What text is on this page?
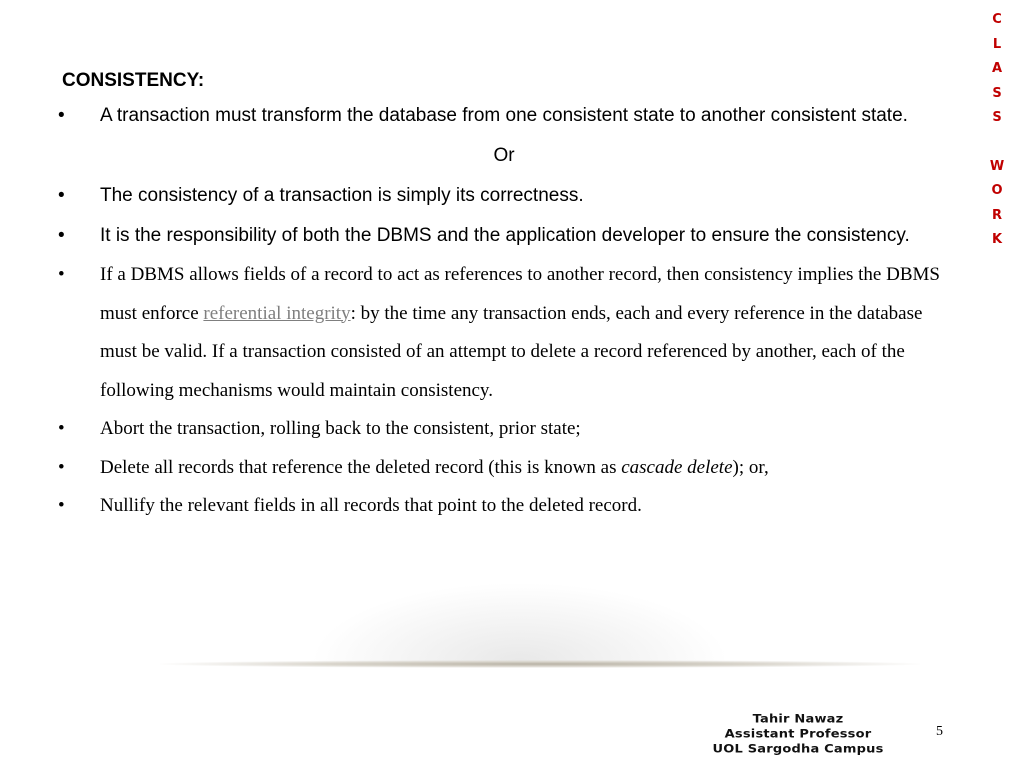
C
L
A
S
S
W
O
R
K
CONSISTENCY:
• A transaction must transform the database from one consistent state to another consistent state.
Or
• The consistency of a transaction is simply its correctness.
• It is the responsibility of both the DBMS and the application developer to ensure the consistency.
• If a DBMS allows fields of a record to act as references to another record, then consistency implies the DBMS must enforce referential integrity: by the time any transaction ends, each and every reference in the database must be valid. If a transaction consisted of an attempt to delete a record referenced by another, each of the following mechanisms would maintain consistency.
• Abort the transaction, rolling back to the consistent, prior state;
• Delete all records that reference the deleted record (this is known as cascade delete); or,
• Nullify the relevant fields in all records that point to the deleted record.
Tahir Nawaz
Assistant Professor
UOL Sargodha Campus
5
